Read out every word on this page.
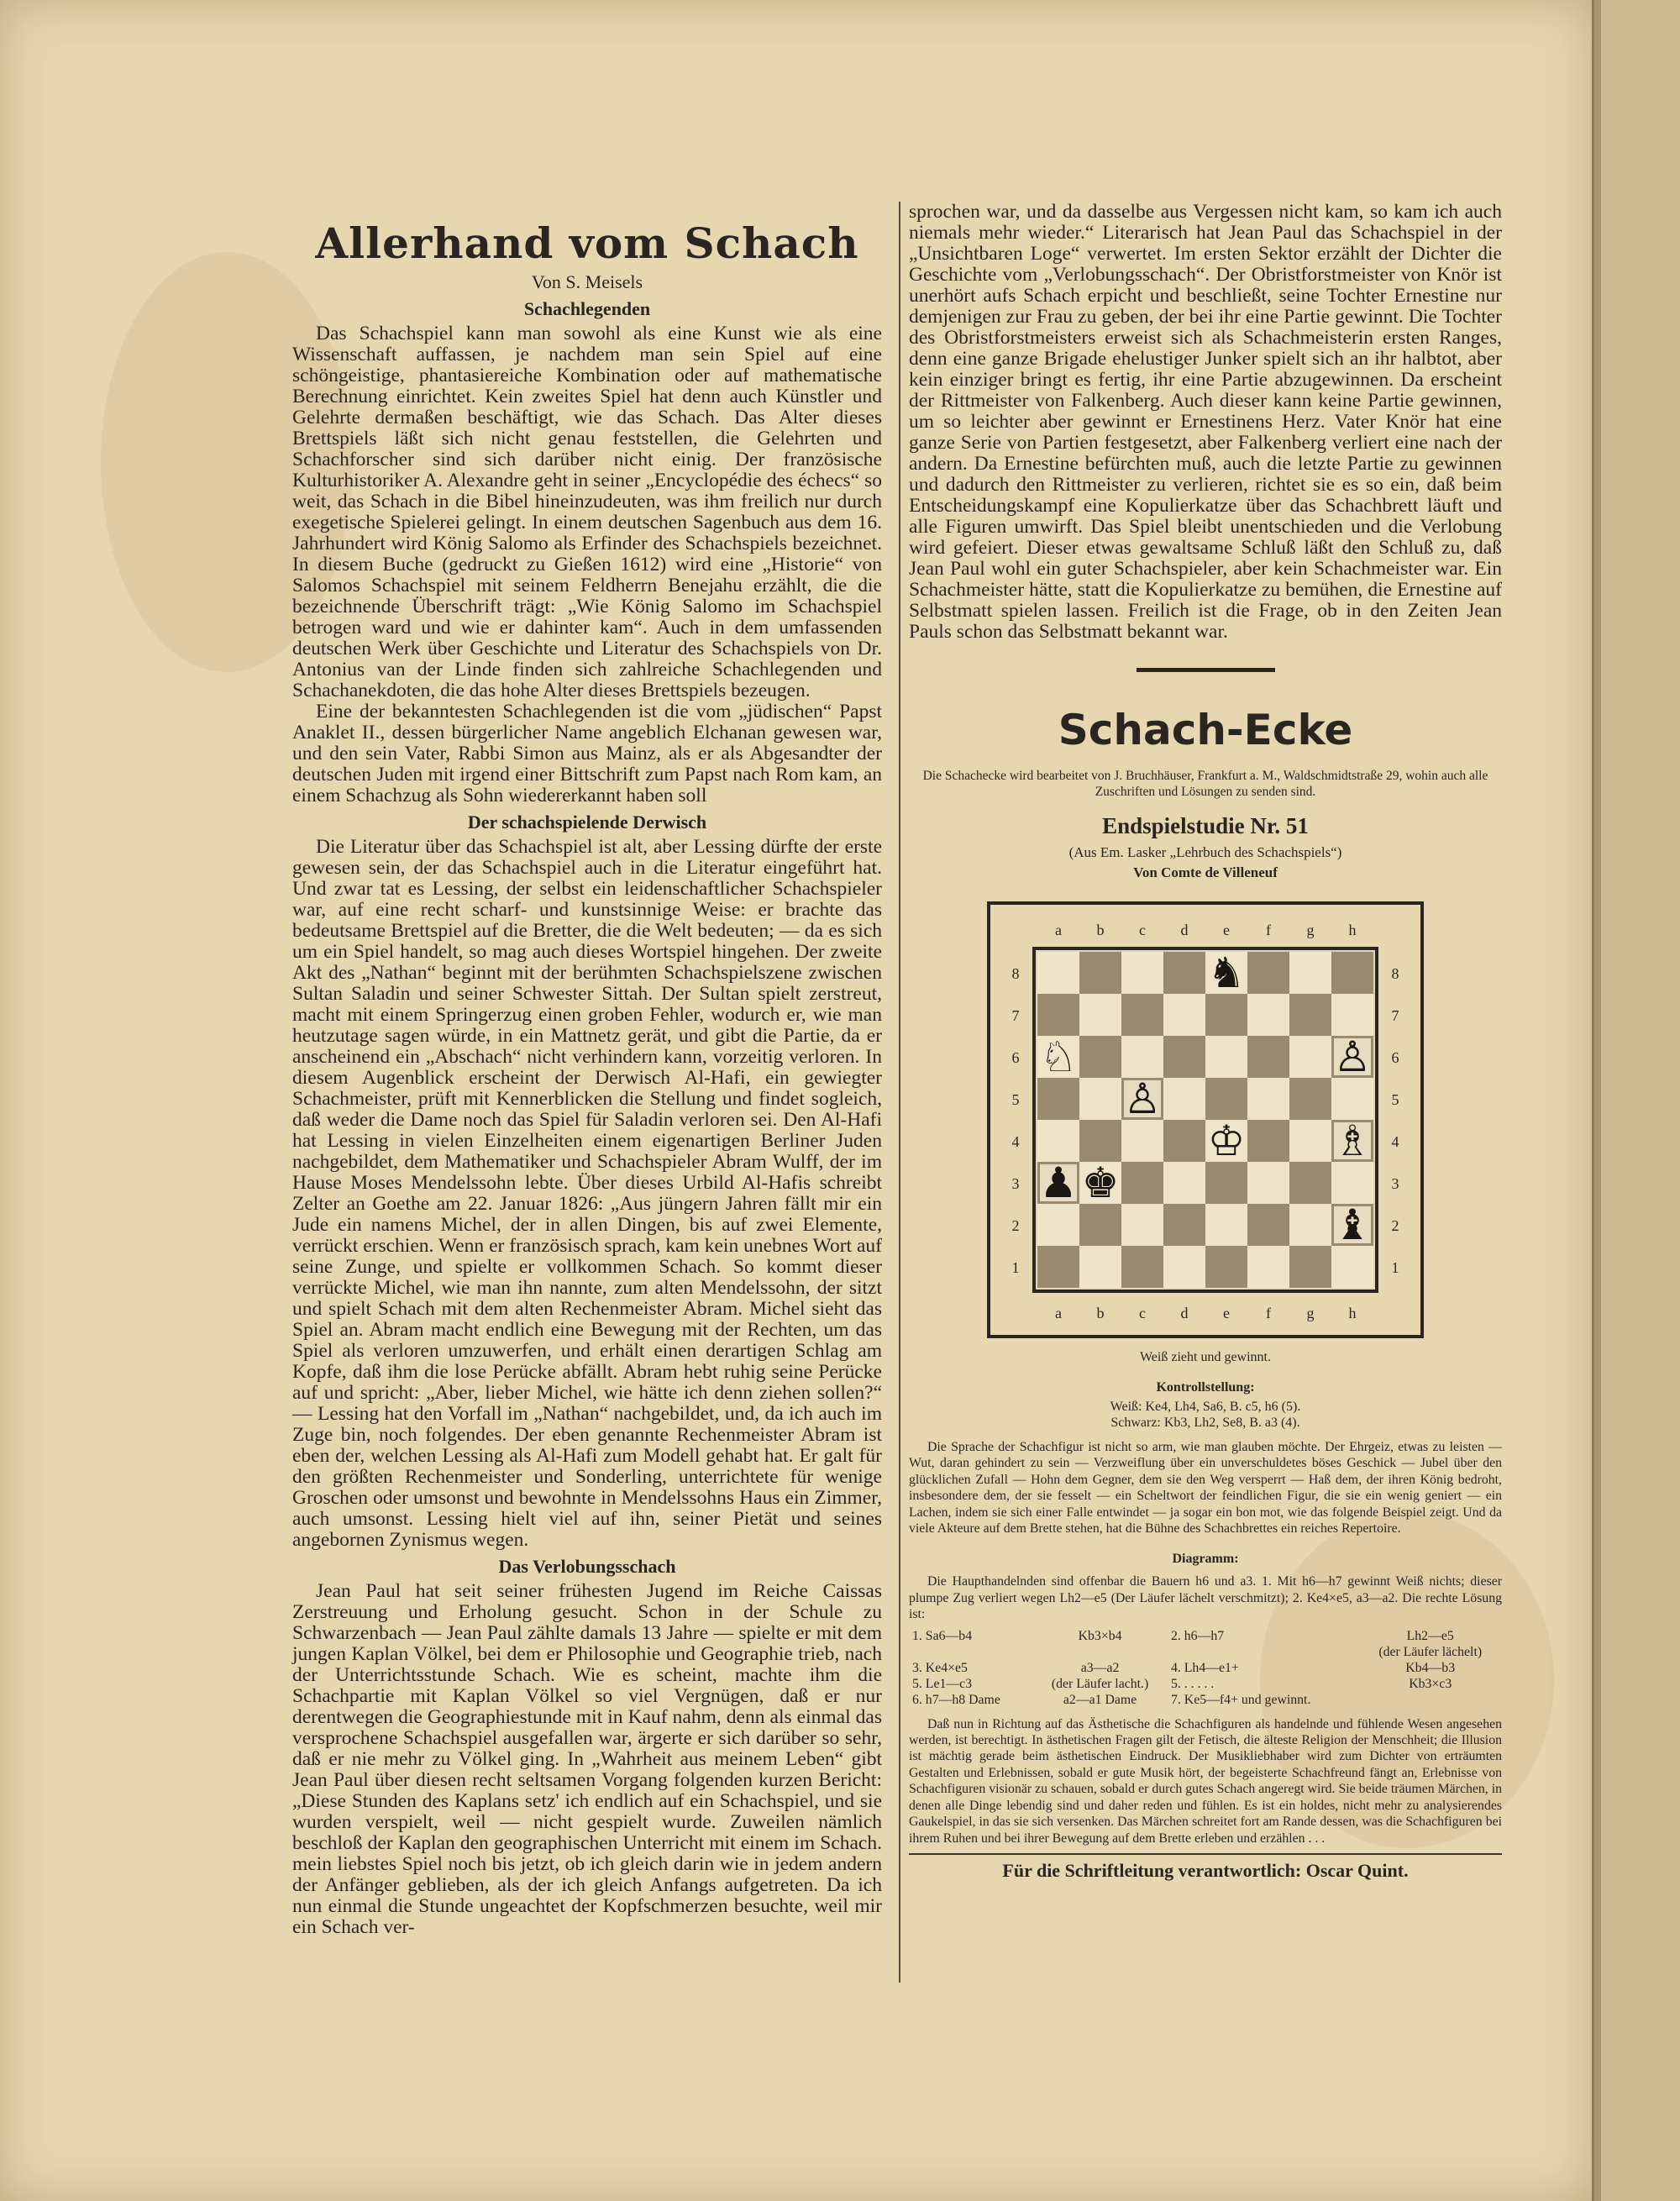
Allerhand vom Schach
Von S. Meisels
Schachlegenden

Das Schachspiel kann man sowohl als eine Kunst wie als eine Wissenschaft auffassen, je nachdem man sein Spiel auf eine schöngeistige, phantasiereiche Kombination oder auf mathematische Berechnung einrichtet. Kein zweites Spiel hat denn auch Künstler und Gelehrte dermaßen beschäftigt, wie das Schach. Das Alter dieses Brettspiels läßt sich nicht genau feststellen, die Gelehrten und Schachforscher sind sich darüber nicht einig. Der französische Kulturhistoriker A. Alexandre geht in seiner „Encyclopédie des échecs“ so weit, das Schach in die Bibel hineinzudeuten, was ihm freilich nur durch exegetische Spielerei gelingt. In einem deutschen Sagenbuch aus dem 16. Jahrhundert wird König Salomo als Erfinder des Schachspiels bezeichnet. In diesem Buche (gedruckt zu Gießen 1612) wird eine „Historie“ von Salomos Schachspiel mit seinem Feldherrn Benejahu erzählt, die die bezeichnende Überschrift trägt: „Wie König Salomo im Schachspiel betrogen ward und wie er dahinter kam“. Auch in dem umfassenden deutschen Werk über Geschichte und Literatur des Schachspiels von Dr. Antonius van der Linde finden sich zahlreiche Schachlegenden und Schachanekdoten, die das hohe Alter dieses Brettspiels bezeugen.

Eine der bekanntesten Schachlegenden ist die vom „jüdischen“ Papst Anaklet II., dessen bürgerlicher Name angeblich Elchanan gewesen war, und den sein Vater, Rabbi Simon aus Mainz, als er als Abgesandter der deutschen Juden mit irgend einer Bittschrift zum Papst nach Rom kam, an einem Schachzug als Sohn wiedererkannt haben soll

Der schachspielende Derwisch

Die Literatur über das Schachspiel ist alt, aber Lessing dürfte der erste gewesen sein, der das Schachspiel auch in die Literatur eingeführt hat. Und zwar tat es Lessing, der selbst ein leidenschaftlicher Schachspieler war, auf eine recht scharf- und kunstsinnige Weise: er brachte das bedeutsame Brettspiel auf die Bretter, die die Welt bedeuten; — da es sich um ein Spiel handelt, so mag auch dieses Wortspiel hingehen. Der zweite Akt des „Nathan“ beginnt mit der berühmten Schachspielszene zwischen Sultan Saladin und seiner Schwester Sittah. Der Sultan spielt zerstreut, macht mit einem Springerzug einen groben Fehler, wodurch er, wie man heutzutage sagen würde, in ein Mattnetz gerät, und gibt die Partie, da er anscheinend ein „Abschach“ nicht verhindern kann, vorzeitig verloren. In diesem Augenblick erscheint der Derwisch Al-Hafi, ein gewiegter Schachmeister, prüft mit Kennerblicken die Stellung und findet sogleich, daß weder die Dame noch das Spiel für Saladin verloren sei. Den Al-Hafi hat Lessing in vielen Einzelheiten einem eigenartigen Berliner Juden nachgebildet, dem Mathematiker und Schachspieler Abram Wulff, der im Hause Moses Mendelssohn lebte. Über dieses Urbild Al-Hafis schreibt Zelter an Goethe am 22. Januar 1826: „Aus jüngern Jahren fällt mir ein Jude ein namens Michel, der in allen Dingen, bis auf zwei Elemente, verrückt erschien. Wenn er französisch sprach, kam kein unebnes Wort auf seine Zunge, und spielte er vollkommen Schach. So kommt dieser verrückte Michel, wie man ihn nannte, zum alten Mendelssohn, der sitzt und spielt Schach mit dem alten Rechenmeister Abram. Michel sieht das Spiel an. Abram macht endlich eine Bewegung mit der Rechten, um das Spiel als verloren umzuwerfen, und erhält einen derartigen Schlag am Kopfe, daß ihm die lose Perücke abfällt. Abram hebt ruhig seine Perücke auf und spricht: „Aber, lieber Michel, wie hätte ich denn ziehen sollen?“ — Lessing hat den Vorfall im „Nathan“ nachgebildet, und, da ich auch im Zuge bin, noch folgendes. Der eben genannte Rechenmeister Abram ist eben der, welchen Lessing als Al-Hafi zum Modell gehabt hat. Er galt für den größten Rechenmeister und Sonderling, unterrichtete für wenige Groschen oder umsonst und bewohnte in Mendelssohns Haus ein Zimmer, auch umsonst. Lessing hielt viel auf ihn, seiner Pietät und seines angebornen Zynismus wegen.

Das Verlobungsschach

Jean Paul hat seit seiner frühesten Jugend im Reiche Caissas Zerstreuung und Erholung gesucht. Schon in der Schule zu Schwarzenbach — Jean Paul zählte damals 13 Jahre — spielte er mit dem jungen Kaplan Völkel, bei dem er Philosophie und Geographie trieb, nach der Unterrichtsstunde Schach. Wie es scheint, machte ihm die Schachpartie mit Kaplan Völkel so viel Vergnügen, daß er nur derentwegen die Geographiestunde mit in Kauf nahm, denn als einmal das versprochene Schachspiel ausgefallen war, ärgerte er sich darüber so sehr, daß er nie mehr zu Völkel ging. In „Wahrheit aus meinem Leben“ gibt Jean Paul über diesen recht seltsamen Vorgang folgenden kurzen Bericht: „Diese Stunden des Kaplans setz' ich endlich auf ein Schachspiel, und sie wurden verspielt, weil — nicht gespielt wurde. Zuweilen nämlich beschloß der Kaplan den geographischen Unterricht mit einem im Schach. mein liebstes Spiel noch bis jetzt, ob ich gleich darin wie in jedem andern der Anfänger geblieben, als der ich gleich Anfangs aufgetreten. Da ich nun einmal die Stunde ungeachtet der Kopfschmerzen besuchte, weil mir ein Schach ver-

sprochen war, und da dasselbe aus Vergessen nicht kam, so kam ich auch niemals mehr wieder.“ Literarisch hat Jean Paul das Schachspiel in der „Unsichtbaren Loge“ verwertet. Im ersten Sektor erzählt der Dichter die Geschichte vom „Verlobungsschach“. Der Obristforstmeister von Knör ist unerhört aufs Schach erpicht und beschließt, seine Tochter Ernestine nur demjenigen zur Frau zu geben, der bei ihr eine Partie gewinnt. Die Tochter des Obristforstmeisters erweist sich als Schachmeisterin ersten Ranges, denn eine ganze Brigade ehelustiger Junker spielt sich an ihr halbtot, aber kein einziger bringt es fertig, ihr eine Partie abzugewinnen. Da erscheint der Rittmeister von Falkenberg. Auch dieser kann keine Partie gewinnen, um so leichter aber gewinnt er Ernestinens Herz. Vater Knör hat eine ganze Serie von Partien festgesetzt, aber Falkenberg verliert eine nach der andern. Da Ernestine befürchten muß, auch die letzte Partie zu gewinnen und dadurch den Rittmeister zu verlieren, richtet sie es so ein, daß beim Entscheidungskampf eine Kopulierkatze über das Schachbrett läuft und alle Figuren umwirft. Das Spiel bleibt unentschieden und die Verlobung wird gefeiert. Dieser etwas gewaltsame Schluß läßt den Schluß zu, daß Jean Paul wohl ein guter Schachspieler, aber kein Schachmeister war. Ein Schachmeister hätte, statt die Kopulierkatze zu bemühen, die Ernestine auf Selbstmatt spielen lassen. Freilich ist die Frage, ob in den Zeiten Jean Pauls schon das Selbstmatt bekannt war.

Schach-Ecke

Die Schachecke wird bearbeitet von J. Bruchhäuser, Frankfurt a. M., Waldschmidtstraße 29, wohin auch alle Zuschriften und Lösungen zu senden sind.

Endspielstudie Nr. 51
(Aus Em. Lasker „Lehrbuch des Schachspiels“)
Von Comte de Villeneuf
a
a
b
b
c
c
d
d
e
e
f
f
g
g
h
h
8	8
7	7
6	6
5	5
4	4
3	3
2	2
1	1
♞
♘	♙
♙
♔ ♗
♟ ♚
♝
Weiß zieht und gewinnt.
Kontrollstellung:

Weiß: Ke4, Lh4, Sa6, B. c5, h6 (5).

Schwarz: Kb3, Lh2, Se8, B. a3 (4).

Die Sprache der Schachfigur ist nicht so arm, wie man glauben möchte. Der Ehrgeiz, etwas zu leisten — Wut, daran gehindert zu sein — Verzweiflung über ein unverschuldetes böses Geschick — Jubel über den glücklichen Zufall — Hohn dem Gegner, dem sie den Weg versperrt — Haß dem, der ihren König bedroht, insbesondere dem, der sie fesselt — ein Scheltwort der feindlichen Figur, die sie ein wenig geniert — ein Lachen, indem sie sich einer Falle entwindet — ja sogar ein bon mot, wie das folgende Beispiel zeigt. Und da viele Akteure auf dem Brette stehen, hat die Bühne des Schachbrettes ein reiches Repertoire.

Diagramm:

Die Haupthandelnden sind offenbar die Bauern h6 und a3. 1. Mit h6—h7 gewinnt Weiß nichts; dieser plumpe Zug verliert wegen Lh2—e5 (Der Läufer lächelt verschmitzt); 2. Ke4×e5, a3—a2. Die rechte Lösung ist:

1. Sa6—b4	Kb3×b4	2. h6—h7	Lh2—e5
			(der Läufer lächelt)
3. Ke4×e5	a3—a2	4. Lh4—e1+	Kb4—b3
5. Le1—c3	(der Läufer lacht.)	5. . . . . .	Kb3×c3
6. h7—h8 Dame	a2—a1 Dame	7. Ke5—f4+ und gewinnt.	

Daß nun in Richtung auf das Ästhetische die Schachfiguren als handelnde und fühlende Wesen angesehen werden, ist berechtigt. In ästhetischen Fragen gilt der Fetisch, die älteste Religion der Menschheit; die Illusion ist mächtig gerade beim ästhetischen Eindruck. Der Musikliebhaber wird zum Dichter von erträumten Gestalten und Erlebnissen, sobald er gute Musik hört, der begeisterte Schachfreund fängt an, Erlebnisse von Schachfiguren visionär zu schauen, sobald er durch gutes Schach angeregt wird. Sie beide träumen Märchen, in denen alle Dinge lebendig sind und daher reden und fühlen. Es ist ein holdes, nicht mehr zu analysierendes Gaukelspiel, in das sie sich versenken. Das Märchen schreitet fort am Rande dessen, was die Schachfiguren bei ihrem Ruhen und bei ihrer Bewegung auf dem Brette erleben und erzählen . . .

Für die Schriftleitung verantwortlich: Oscar Quint.
